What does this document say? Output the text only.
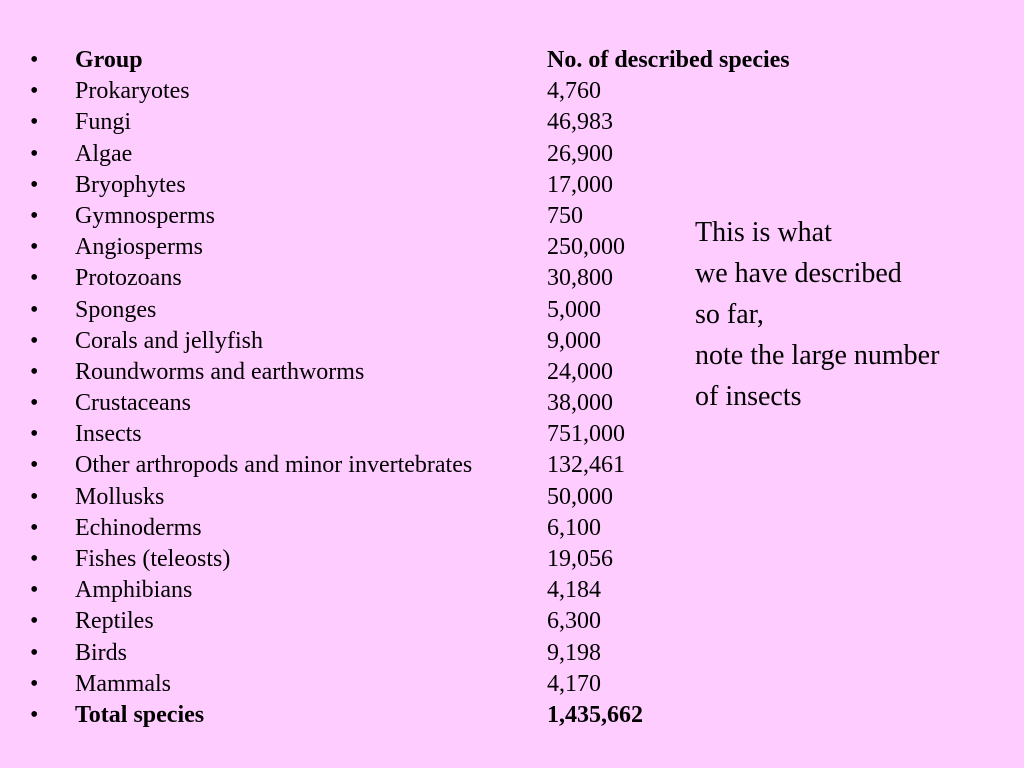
•	Group	No. of described species
•	Prokaryotes	4,760
•	Fungi	46,983
•	Algae	26,900
•	Bryophytes	17,000
•	Gymnosperms	750
•	Angiosperms	250,000
•	Protozoans	30,800
•	Sponges	5,000
•	Corals and jellyfish	9,000
•	Roundworms and earthworms	24,000
•	Crustaceans	38,000
•	Insects	751,000
•	Other arthropods and minor invertebrates	132,461
•	Mollusks	50,000
•	Echinoderms	6,100
•	Fishes (teleosts)	19,056
•	Amphibians	4,184
•	Reptiles	6,300
•	Birds	9,198
•	Mammals	4,170
•	Total species	1,435,662
This is what
we have described
so far,
note the large number
of insects
